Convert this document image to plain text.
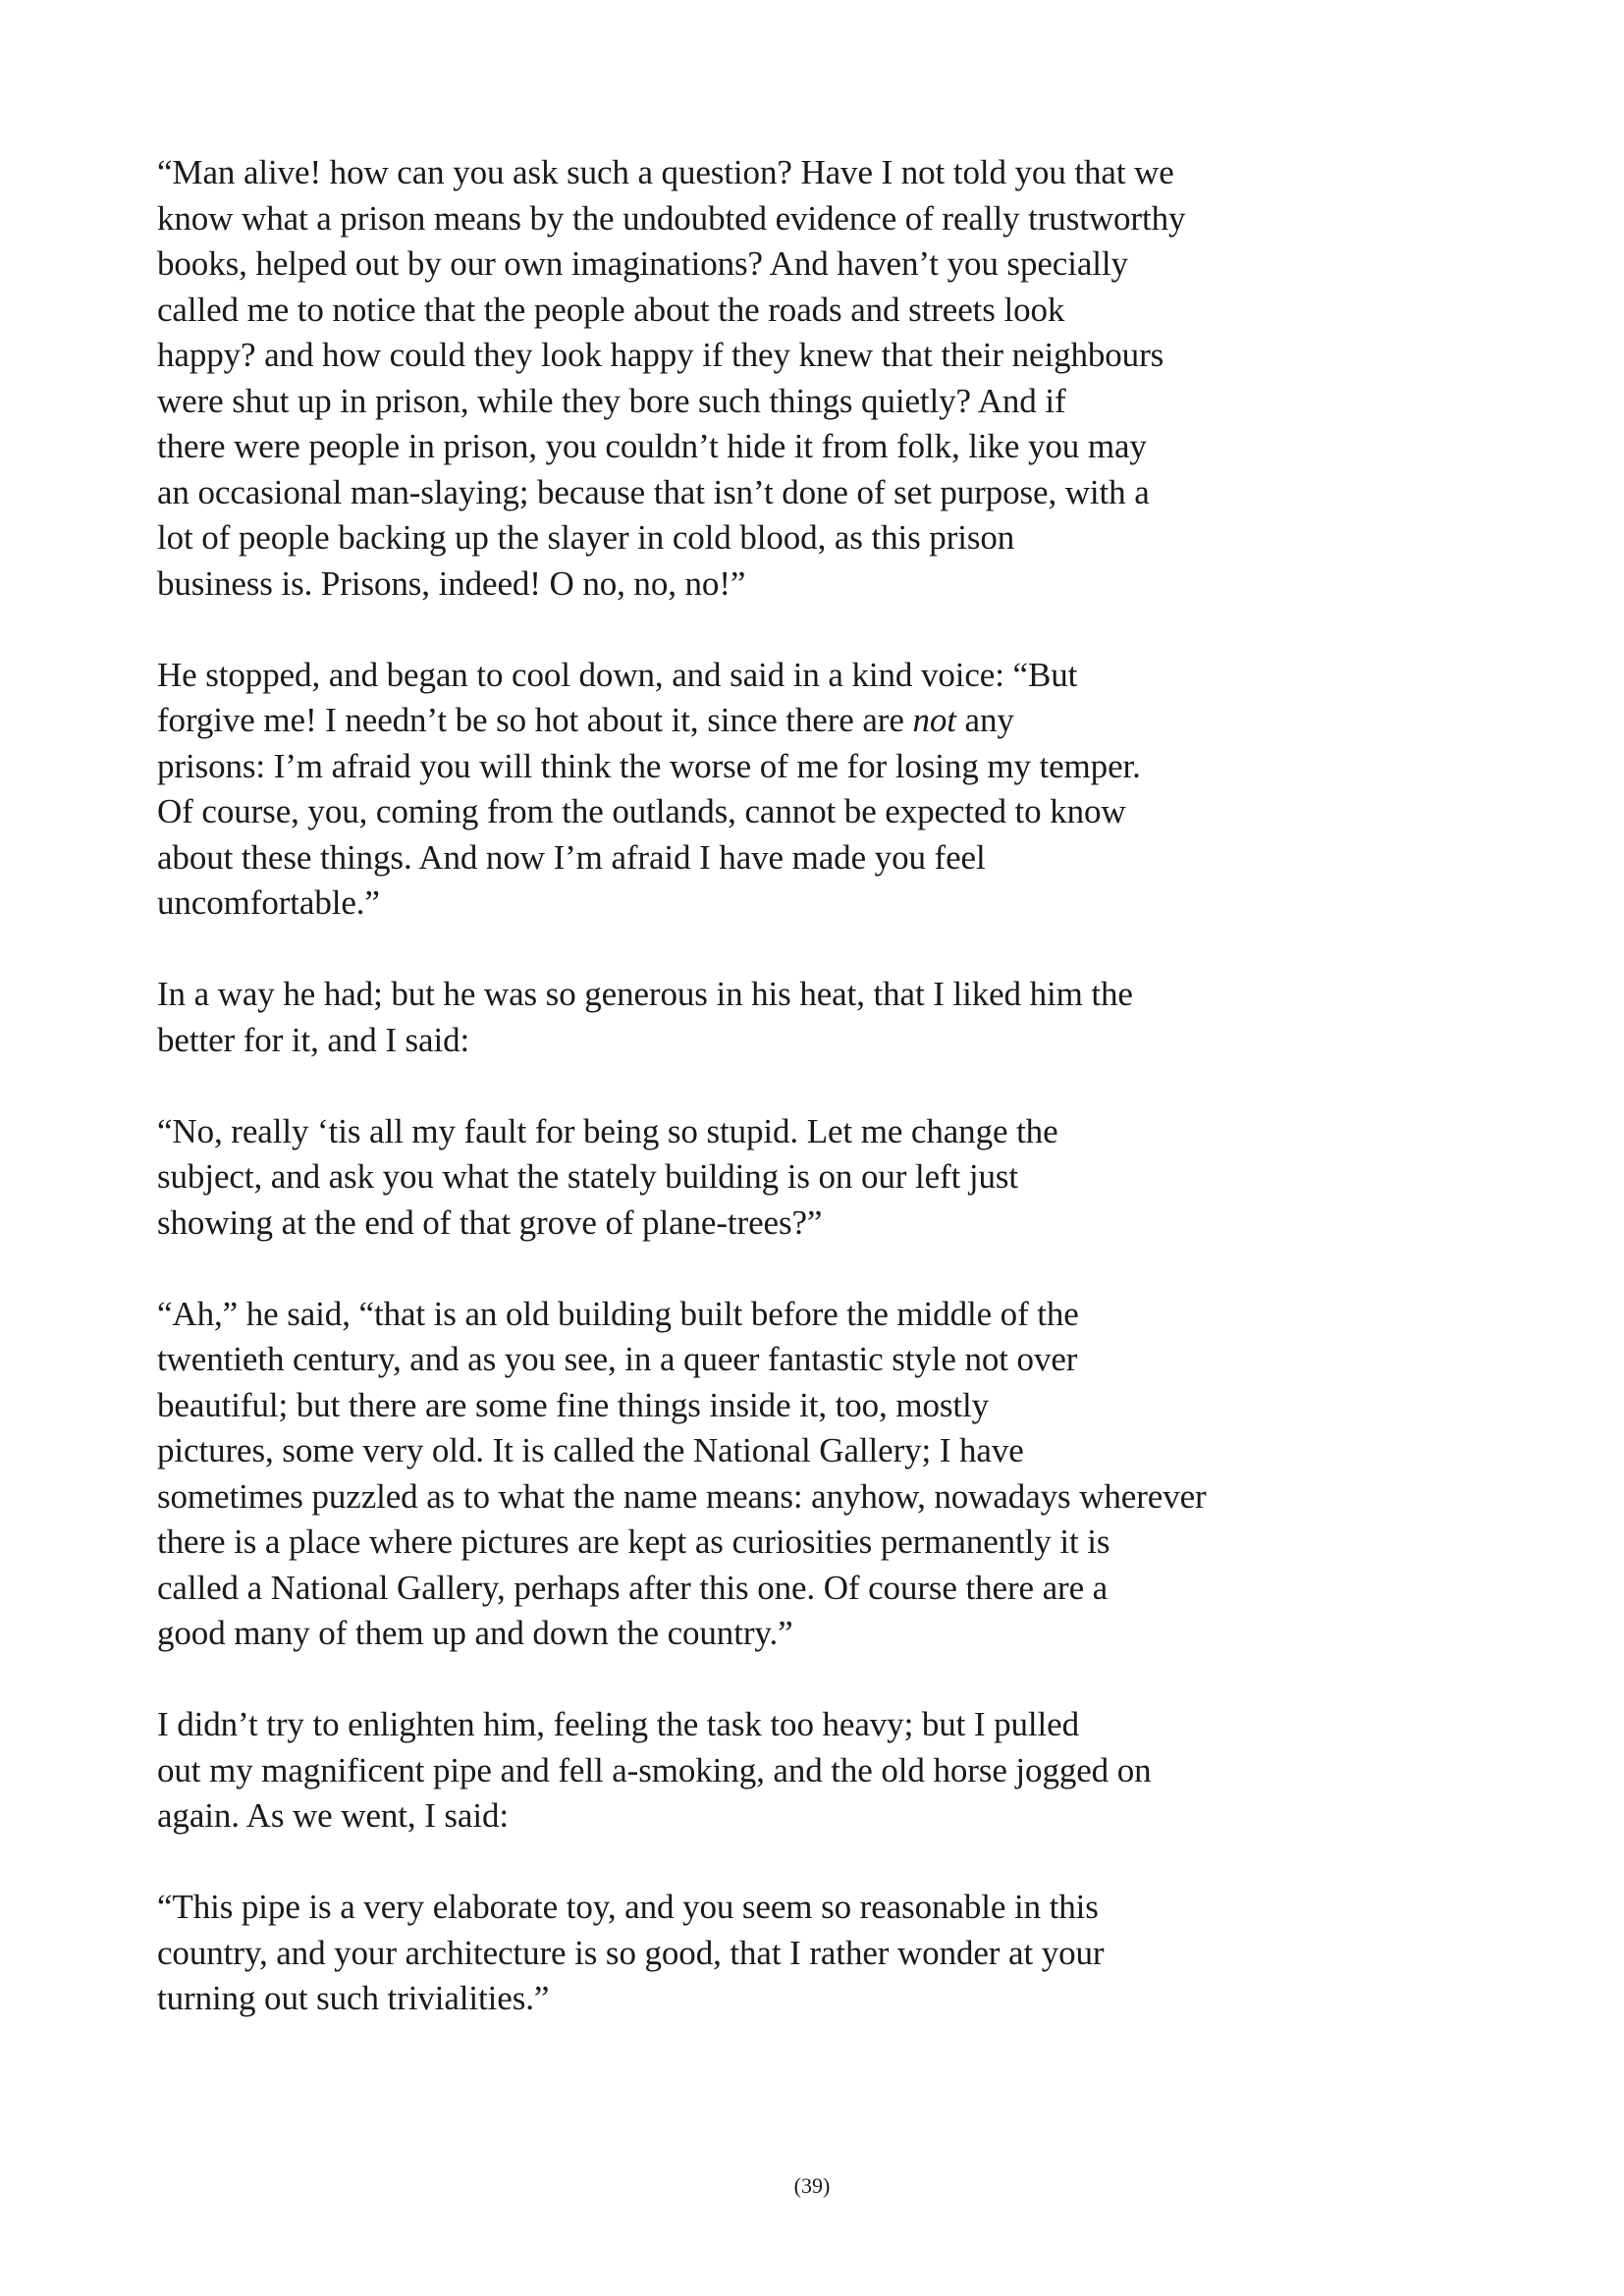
“Man alive! how can you ask such a question? Have I not told you that we
know what a prison means by the undoubted evidence of really trustworthy
books, helped out by our own imaginations? And haven’t you specially
called me to notice that the people about the roads and streets look
happy? and how could they look happy if they knew that their neighbours
were shut up in prison, while they bore such things quietly? And if
there were people in prison, you couldn’t hide it from folk, like you may
an occasional man-slaying; because that isn’t done of set purpose, with a
lot of people backing up the slayer in cold blood, as this prison
business is. Prisons, indeed! O no, no, no!”

He stopped, and began to cool down, and said in a kind voice: “But
forgive me! I needn’t be so hot about it, since there are not any
prisons: I’m afraid you will think the worse of me for losing my temper.
Of course, you, coming from the outlands, cannot be expected to know
about these things. And now I’m afraid I have made you feel
uncomfortable.”

In a way he had; but he was so generous in his heat, that I liked him the
better for it, and I said:

“No, really ‘tis all my fault for being so stupid. Let me change the
subject, and ask you what the stately building is on our left just
showing at the end of that grove of plane-trees?”

“Ah,” he said, “that is an old building built before the middle of the
twentieth century, and as you see, in a queer fantastic style not over
beautiful; but there are some fine things inside it, too, mostly
pictures, some very old. It is called the National Gallery; I have
sometimes puzzled as to what the name means: anyhow, nowadays wherever
there is a place where pictures are kept as curiosities permanently it is
called a National Gallery, perhaps after this one. Of course there are a
good many of them up and down the country.”

I didn’t try to enlighten him, feeling the task too heavy; but I pulled
out my magnificent pipe and fell a-smoking, and the old horse jogged on
again. As we went, I said:

“This pipe is a very elaborate toy, and you seem so reasonable in this
country, and your architecture is so good, that I rather wonder at your
turning out such trivialities.”

(39)
